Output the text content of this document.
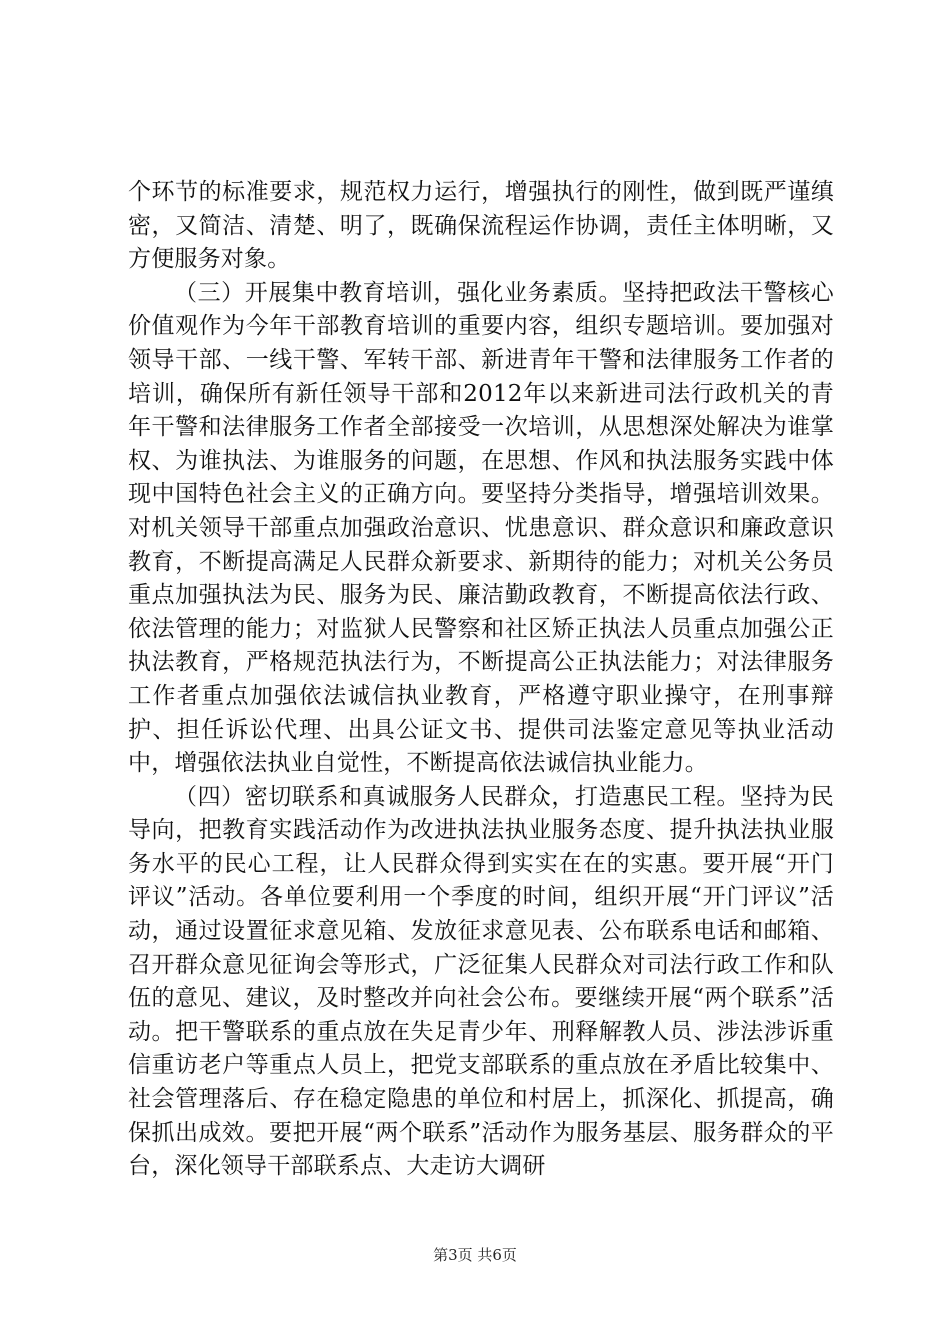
个环节的标准要求，规范权力运行，增强执行的刚性，做到既严谨缜密，又简洁、清楚、明了，既确保流程运作协调，责任主体明晰，又方便服务对象。

（三）开展集中教育培训，强化业务素质。坚持把政法干警核心价值观作为今年干部教育培训的重要内容，组织专题培训。要加强对领导干部、一线干警、军转干部、新进青年干警和法律服务工作者的培训，确保所有新任领导干部和2012年以来新进司法行政机关的青年干警和法律服务工作者全部接受一次培训，从思想深处解决为谁掌权、为谁执法、为谁服务的问题，在思想、作风和执法服务实践中体现中国特色社会主义的正确方向。要坚持分类指导，增强培训效果。对机关领导干部重点加强政治意识、忧患意识、群众意识和廉政意识教育，不断提高满足人民群众新要求、新期待的能力；对机关公务员重点加强执法为民、服务为民、廉洁勤政教育，不断提高依法行政、依法管理的能力；对监狱人民警察和社区矫正执法人员重点加强公正执法教育，严格规范执法行为，不断提高公正执法能力；对法律服务工作者重点加强依法诚信执业教育，严格遵守职业操守，在刑事辩护、担任诉讼代理、出具公证文书、提供司法鉴定意见等执业活动中，增强依法执业自觉性，不断提高依法诚信执业能力。

（四）密切联系和真诚服务人民群众，打造惠民工程。坚持为民导向，把教育实践活动作为改进执法执业服务态度、提升执法执业服务水平的民心工程，让人民群众得到实实在在的实惠。要开展“开门评议”活动。各单位要利用一个季度的时间，组织开展“开门评议”活动，通过设置征求意见箱、发放征求意见表、公布联系电话和邮箱、召开群众意见征询会等形式，广泛征集人民群众对司法行政工作和队伍的意见、建议，及时整改并向社会公布。要继续开展“两个联系”活动。把干警联系的重点放在失足青少年、刑释解教人员、涉法涉诉重信重访老户等重点人员上，把党支部联系的重点放在矛盾比较集中、社会管理落后、存在稳定隐患的单位和村居上，抓深化、抓提高，确保抓出成效。要把开展“两个联系”活动作为服务基层、服务群众的平台，深化领导干部联系点、大走访大调研

第3页 共6页
